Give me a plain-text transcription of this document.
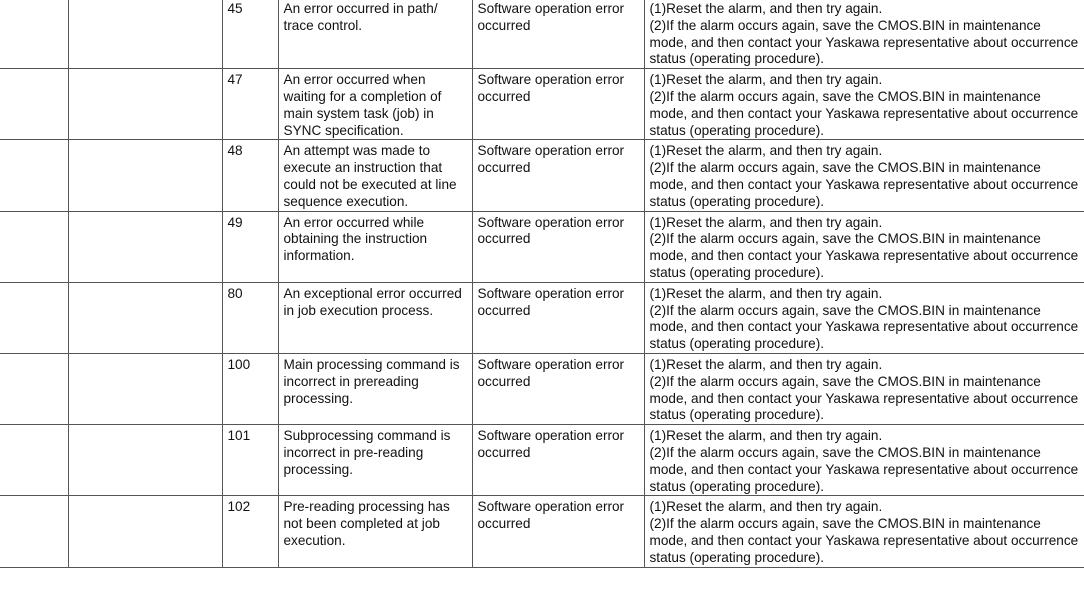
		45	An error occurred in path/ trace control.	Software operation error occurred	(1)Reset the alarm, and then try again.
(2)If the alarm occurs again, save the CMOS.BIN in maintenance mode, and then contact your Yaskawa representative about occurrence status (operating procedure).

		47	An error occurred when waiting for a completion of main system task (job) in SYNC specification.	Software operation error occurred	(1)Reset the alarm, and then try again.
(2)If the alarm occurs again, save the CMOS.BIN in maintenance mode, and then contact your Yaskawa representative about occurrence status (operating procedure).

		48	An attempt was made to execute an instruction that could not be executed at line sequence execution.	Software operation error occurred	(1)Reset the alarm, and then try again.
(2)If the alarm occurs again, save the CMOS.BIN in maintenance mode, and then contact your Yaskawa representative about occurrence status (operating procedure).

		49	An error occurred while obtaining the instruction information.	Software operation error occurred	(1)Reset the alarm, and then try again.
(2)If the alarm occurs again, save the CMOS.BIN in maintenance mode, and then contact your Yaskawa representative about occurrence status (operating procedure).

		80	An exceptional error occurred in job execution process.	Software operation error occurred	(1)Reset the alarm, and then try again.
(2)If the alarm occurs again, save the CMOS.BIN in maintenance mode, and then contact your Yaskawa representative about occurrence status (operating procedure).

		100	Main processing command is incorrect in prereading processing.	Software operation error occurred	(1)Reset the alarm, and then try again.
(2)If the alarm occurs again, save the CMOS.BIN in maintenance mode, and then contact your Yaskawa representative about occurrence status (operating procedure).

		101	Subprocessing command is incorrect in pre-reading processing.	Software operation error occurred	(1)Reset the alarm, and then try again.
(2)If the alarm occurs again, save the CMOS.BIN in maintenance mode, and then contact your Yaskawa representative about occurrence status (operating procedure).

		102	Pre-reading processing has not been completed at job execution.	Software operation error occurred	(1)Reset the alarm, and then try again.
(2)If the alarm occurs again, save the CMOS.BIN in maintenance mode, and then contact your Yaskawa representative about occurrence status (operating procedure).
